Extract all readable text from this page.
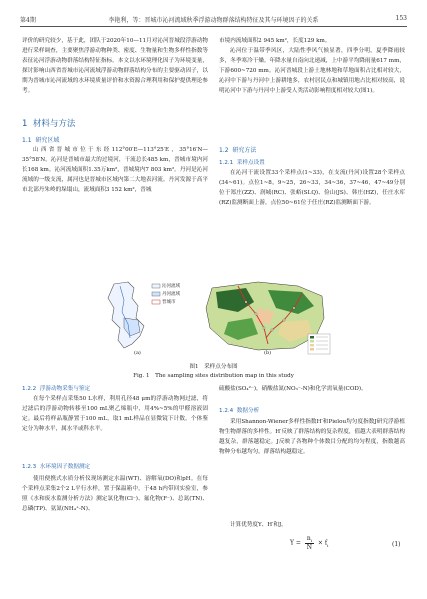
第4期	李艳利，等：晋城市沁河流域秋季浮游动物群落结构特征及其与环境因子的关系	153

评价的研究较少，基于此，团队于2020年10—11月对沁河晋城段浮游动物进行采样调查，主要聚焦浮游动物种类、密度、生物量和生物多样性指数等表征沁河浮游动物群落结构特征指标。本文以水环境理化因子为环境变量，探讨影响山西省晋城市沁河流域浮游动物群落结构分布的主要驱动因子，以期为晋城市沁河流域的水环境质量评价和水资源合理利用和保护提供理论参考。

1 材料与方法
1.1 研究区域

山西省晋城市位于东经112°00′E—113°25′E，35°16′N—35°58′N。沁河是晋城市最大的过境河，干流总长485 km，晋城市境内河长168 km。沁河流域面积1.35万km²，晋城境内7 803 km²。丹河是沁河流域的一级支流，属河也是晋城市区域内第二大地表河流。丹河发源于高平市北部丹朱岭的垛塌山，流域面积3 152 km²，晋城

市境内流域面积2 945 km²，长度129 km。

沁河位于温带季风区，大陆性季风气候显著，四季分明，夏季降雨较多，冬季寒冷干燥。年降水量自南向北递减，上中游平均降雨量617 mm，下游600~720 mm。沁河晋城段上游土地林地和草地面积占比相对较大，沁河中下游与丹河中上游耕地多，农村居民点和城镇用地占比相对较高，说明沁河中下游与丹河中上游受人类活动影响程度相对较大(图1)。

1.2 研究方法
1.2.1 采样点设置

在沁河干流设置33个采样点(1~33)，在支流(丹河)设置28个采样点(34~61)。点位1~8，9~25，26~33，34~36，37~46，47~49分别位于郑庄(ZZ)、润城(RC)、张峪(SLQ)、俭山(JS)、韩庄(HZ)，任庄水库(RZ)监测断面上游，点位50~61位于任庄(RZ)监测断面下游。

沁河流域
丹河流域
晋城市
(a)	(b)
图1　采样点分布图
Fig. 1　The sampling sites distribution map in this study
1.2.2 浮游动物采集与鉴定

在每个采样点采集50 L水样，利用孔径48 μm的浮游动物网过滤，将过滤后的浮游动物转移至100 mL聚乙烯瓶中，用4%~5%的甲醛溶液固定。最后将样品瓶静置于100 mL，取1 mL样品在显微镜下计数。个体鉴定分为种水平，属水平或科水平。

1.2.3 水环境因子数据测定

使用便携式水质分析仪现场测定水温(WT)、溶解氧(DO)和pH。在每个采样点采集2个2 L平行水样，置于保温箱中，于48 h内带回实验室，参照《水和废水监测分析方法》测定氯化物(Cl⁻)、氟化物(F⁻)、总氮(TN)、总磷(TP)、氨氮(NH₄⁺-N)、

硫酸盐(SO₄²⁻)，硝酸盐氮(NO₃⁻-N)和化学需氧量(COD)。

1.2.4 数据分析

采用Shannon-Wiener多样性指数H′和Pielou均匀度指数J研究浮游植物生物群落的多样性。H′反映了群落结构的复杂程度，值越大表明群落结构越复杂，群落越稳定。J反映了各物种个体数目分配的均匀程度，指数越高物种分布越均匀，群落结构越稳定。

计算优势度Y、H′和J。

$Y = \frac{n_i}{N} \times f_i$	(1)
